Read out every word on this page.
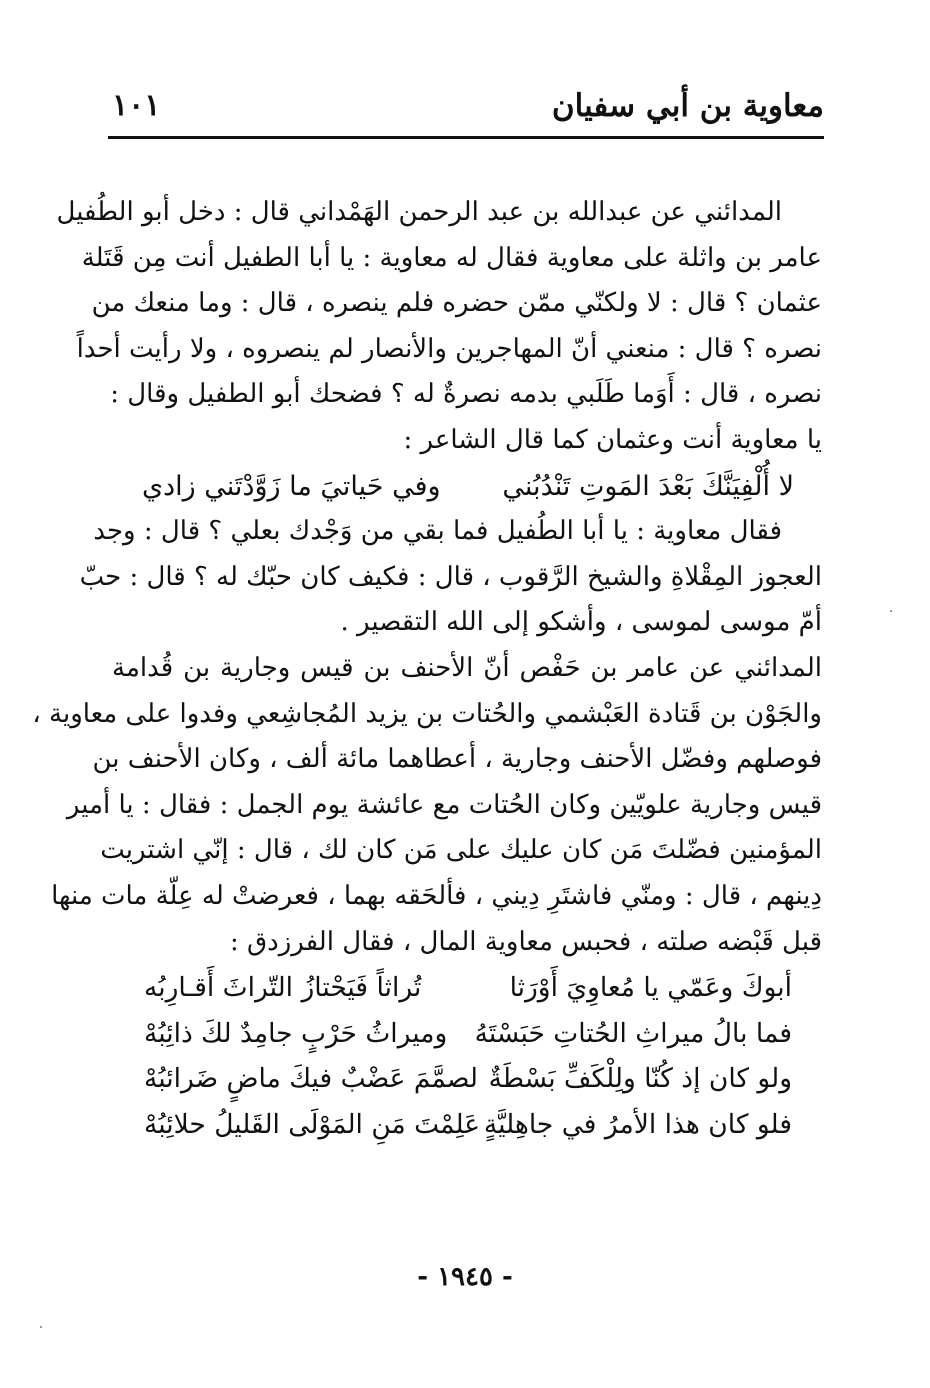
معاوية بن أبي سفيان
١٠١
المدائني عن عبدالله بن عبد الرحمن الهَمْداني قال : دخل أبو الطُفيل
عامر بن واثلة على معاوية فقال له معاوية : يا أبا الطفيل أنت مِن قَتَلة
عثمان ؟ قال : لا ولكنّي ممّن حضره فلم ينصره ، قال : وما منعك من
نصره ؟ قال : منعني أنّ المهاجرين والأنصار لم ينصروه ، ولا رأيت أحداً
نصره ، قال : أَوَما طَلَبي بدمه نصرةٌ له ؟ فضحك أبو الطفيل وقال :
يا معاوية أنت وعثمان كما قال الشاعر :
لا أُلْفِيَنَّكَ بَعْدَ المَوتِ تَنْدُبُني
وفي حَياتيَ ما زَوَّدْتَني زادي
فقال معاوية : يا أبا الطُفيل فما بقي من وَجْدك بعلي ؟ قال : وجد
العجوز المِقْلاةِ والشيخ الرَّقوب ، قال : فكيف كان حبّك له ؟ قال : حبّ
أمّ موسى لموسى ، وأشكو إلى الله التقصير .
المدائني عن عامر بن حَفْص أنّ الأحنف بن قيس وجارية بن قُدامة
والجَوْن بن قَتادة العَبْشمي والحُتات بن يزيد المُجاشِعي وفدوا على معاوية ،
فوصلهم وفضّل الأحنف وجارية ، أعطاهما مائة ألف ، وكان الأحنف بن
قيس وجارية علويّين وكان الحُتات مع عائشة يوم الجمل : فقال : يا أمير
المؤمنين فضّلتَ مَن كان عليك على مَن كان لك ، قال : إنّي اشتريت
دِينهم ، قال : ومنّي فاشتَرِ دِيني ، فألحَقه بهما ، فعرضتْ له عِلّة مات منها
قبل قَبْضه صلته ، فحبس معاوية المال ، فقال الفرزدق :
أبوكَ وعَمّي يا مُعاوِيَ أَوْرَثا
تُراثاً فَيَحْتازُ التّراثَ أَقـارِبُه
فما بالُ ميراثِ الحُتاتِ حَبَسْتَهُ
وميراثُ حَرْبٍ جامِدٌ لكَ ذائِبُهْ
ولو كان إذ كُنّا ولِلْكَفِّ بَسْطَةٌ
لصمَّمَ عَضْبٌ فيكَ ماضٍ ضَرائبُهْ
فلو كان هذا الأمرُ في جاهِليَّةٍ
عَلِمْتَ مَنِ المَوْلَى القَليلُ حلائِبُهْ
- ١٩٤٥ -
